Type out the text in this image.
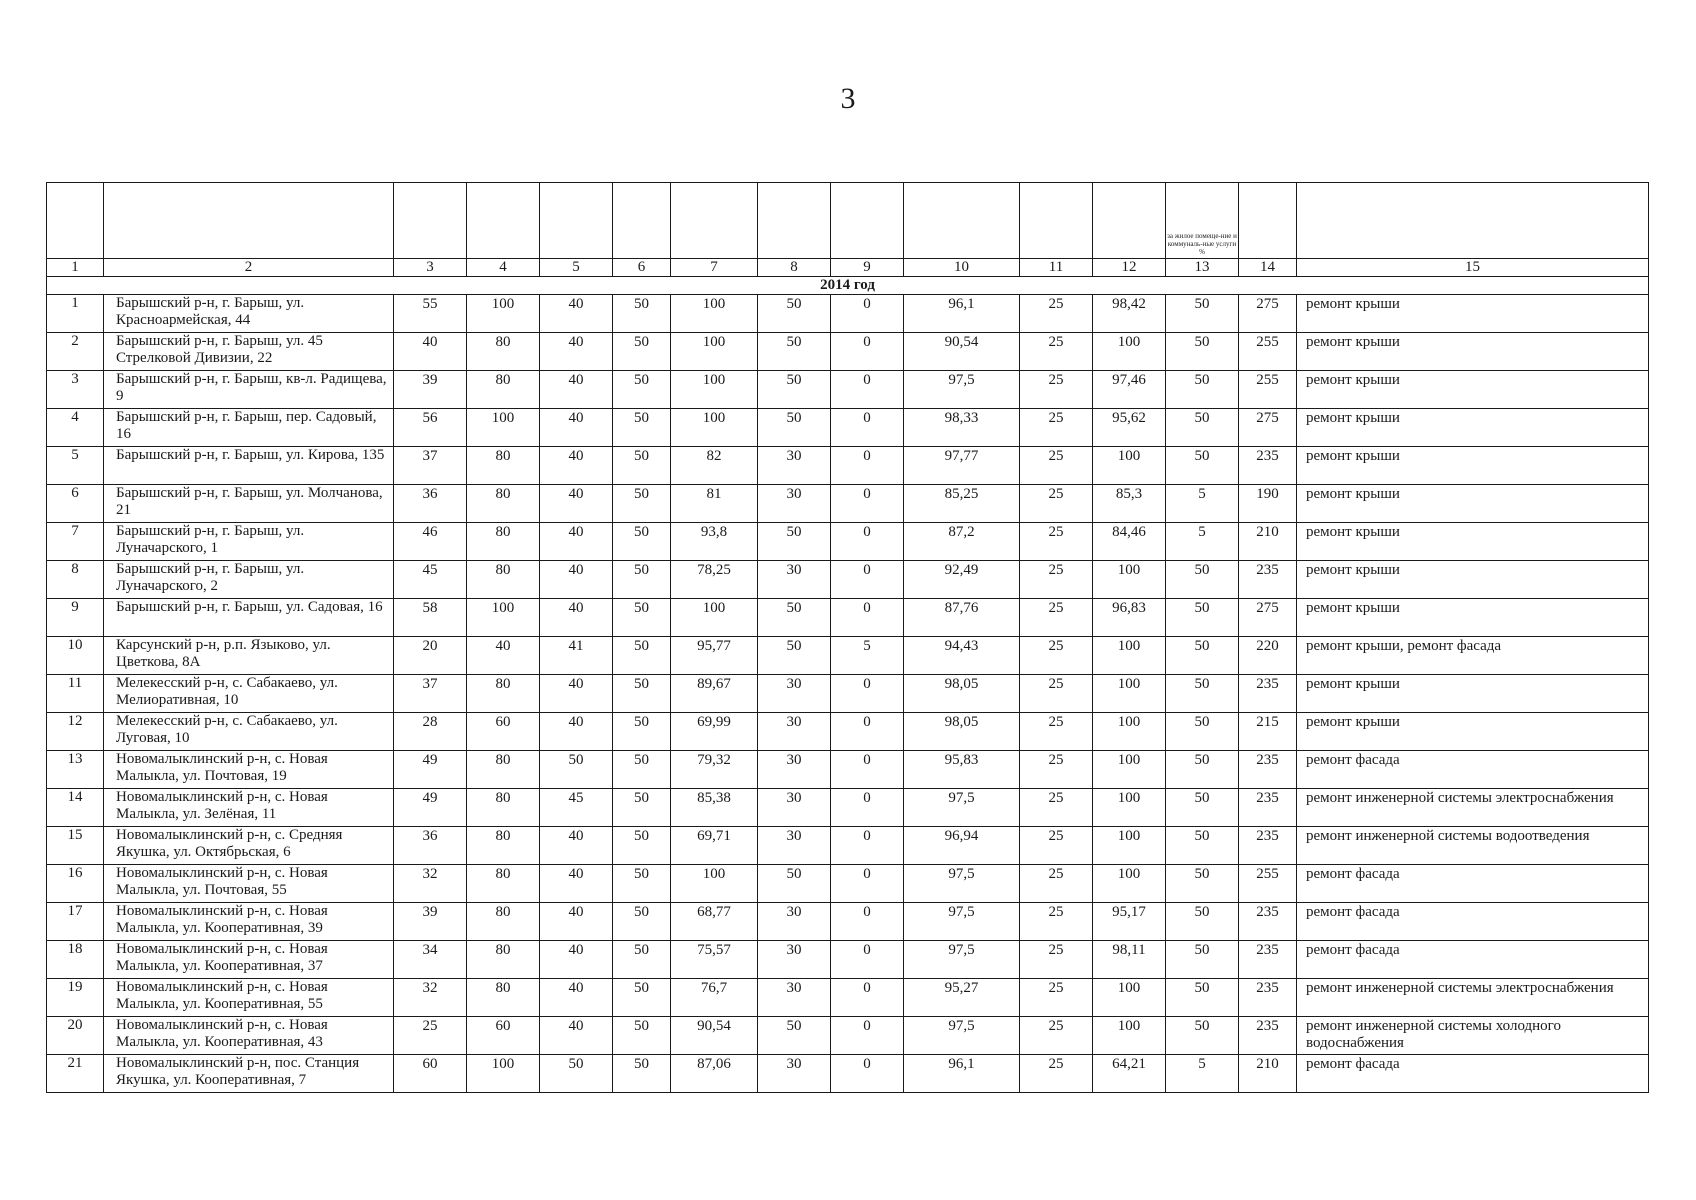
3
												за жилое помеще-ние и коммуналь-ные услуги %		
1	2	3	4	5	6	7	8	9	10	11	12	13	14	15
2014 год														
1	Барышский р-н, г. Барыш, ул. Красноармейская, 44	55	100	40	50	100	50	0	96,1	25	98,42	50	275	ремонт крыши
2	Барышский р-н, г. Барыш, ул. 45 Стрелковой Дивизии, 22	40	80	40	50	100	50	0	90,54	25	100	50	255	ремонт крыши
3	Барышский р-н, г. Барыш, кв-л. Радищева, 9	39	80	40	50	100	50	0	97,5	25	97,46	50	255	ремонт крыши
4	Барышский р-н, г. Барыш, пер. Садовый, 16	56	100	40	50	100	50	0	98,33	25	95,62	50	275	ремонт крыши
5	Барышский р-н, г. Барыш, ул. Кирова, 135	37	80	40	50	82	30	0	97,77	25	100	50	235	ремонт крыши
6	Барышский р-н, г. Барыш, ул. Молчанова, 21	36	80	40	50	81	30	0	85,25	25	85,3	5	190	ремонт крыши
7	Барышский р-н, г. Барыш, ул. Луначарского, 1	46	80	40	50	93,8	50	0	87,2	25	84,46	5	210	ремонт крыши
8	Барышский р-н, г. Барыш, ул. Луначарского, 2	45	80	40	50	78,25	30	0	92,49	25	100	50	235	ремонт крыши
9	Барышский р-н, г. Барыш, ул. Садовая, 16	58	100	40	50	100	50	0	87,76	25	96,83	50	275	ремонт крыши
10	Карсунский р-н, р.п. Языково, ул. Цветкова, 8А	20	40	41	50	95,77	50	5	94,43	25	100	50	220	ремонт крыши, ремонт фасада
11	Мелекесский р-н, с. Сабакаево, ул. Мелиоративная, 10	37	80	40	50	89,67	30	0	98,05	25	100	50	235	ремонт крыши
12	Мелекесский р-н, с. Сабакаево, ул. Луговая, 10	28	60	40	50	69,99	30	0	98,05	25	100	50	215	ремонт крыши
13	Новомалыклинский р-н, с. Новая Малыкла, ул. Почтовая, 19	49	80	50	50	79,32	30	0	95,83	25	100	50	235	ремонт фасада
14	Новомалыклинский р-н, с. Новая Малыкла, ул. Зелёная, 11	49	80	45	50	85,38	30	0	97,5	25	100	50	235	ремонт инженерной системы электроснабжения
15	Новомалыклинский р-н, с. Средняя Якушка, ул. Октябрьская, 6	36	80	40	50	69,71	30	0	96,94	25	100	50	235	ремонт инженерной системы водоотведения
16	Новомалыклинский р-н, с. Новая Малыкла, ул. Почтовая, 55	32	80	40	50	100	50	0	97,5	25	100	50	255	ремонт фасада
17	Новомалыклинский р-н, с. Новая Малыкла, ул. Кооперативная, 39	39	80	40	50	68,77	30	0	97,5	25	95,17	50	235	ремонт фасада
18	Новомалыклинский р-н, с. Новая Малыкла, ул. Кооперативная, 37	34	80	40	50	75,57	30	0	97,5	25	98,11	50	235	ремонт фасада
19	Новомалыклинский р-н, с. Новая Малыкла, ул. Кооперативная, 55	32	80	40	50	76,7	30	0	95,27	25	100	50	235	ремонт инженерной системы электроснабжения
20	Новомалыклинский р-н, с. Новая Малыкла, ул. Кооперативная, 43	25	60	40	50	90,54	50	0	97,5	25	100	50	235	ремонт инженерной системы холодного водоснабжения
21	Новомалыклинский р-н, пос. Станция Якушка, ул. Кооперативная, 7	60	100	50	50	87,06	30	0	96,1	25	64,21	5	210	ремонт фасада
